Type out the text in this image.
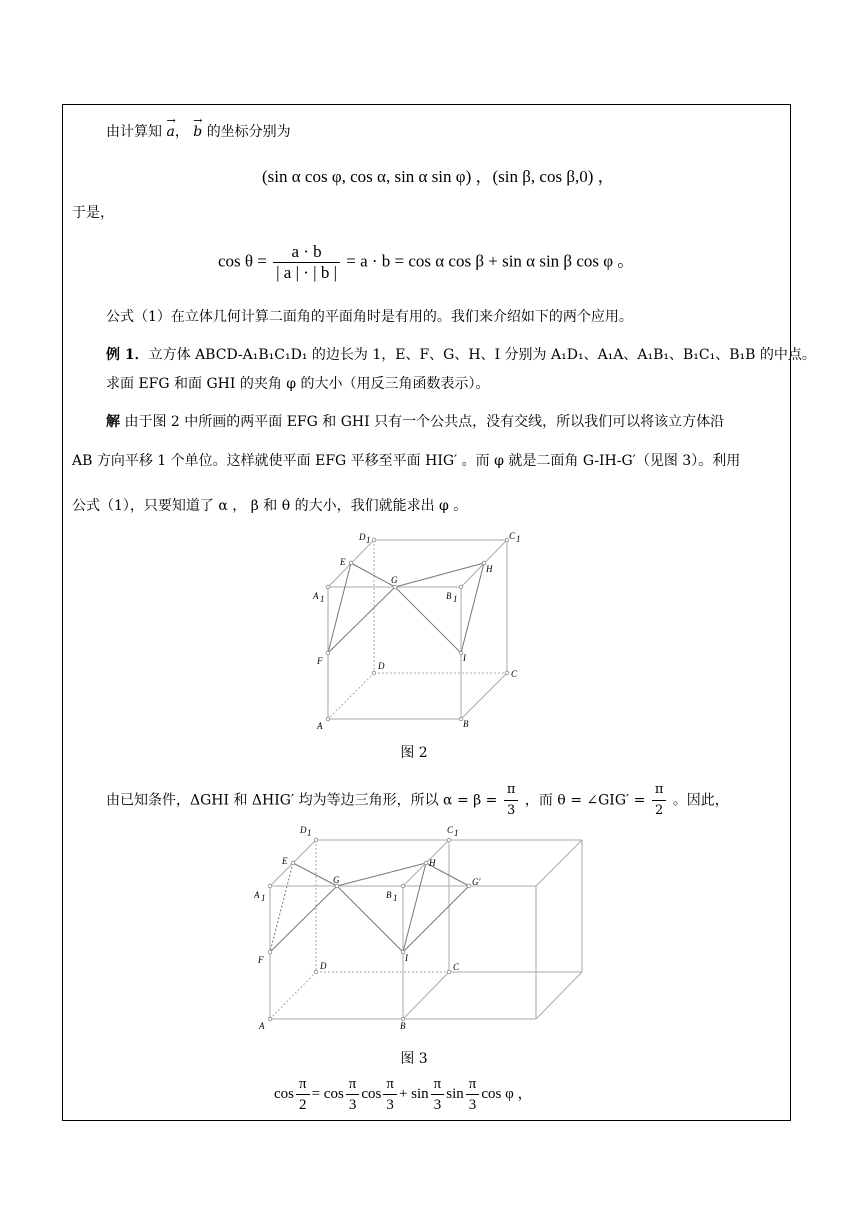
由计算知 → a， → b 的坐标分别为
(sin α cos φ, cos α, sin α sin φ) ，(sin β, cos β,0) ，
于是，
$\cos \theta = \frac{a \cdot b}{| a | \cdot | b |} = a \cdot b = \cos \alpha$ cos β + sin α sin β cos φ 。
公式（1）在立体几何计算二面角的平面角时是有用的。我们来介绍如下的两个应用。
例 1．立方体 ABCD-A₁B₁C₁D₁ 的边长为 1，E、F、G、H、I 分别为 A₁D₁、A₁A、A₁B₁、B₁C₁、B₁B 的中点。
求面 EFG 和面 GHI 的夹角 φ 的大小（用反三角函数表示）。
解 由于图 2 中所画的两平面 EFG 和 GHI 只有一个公共点，没有交线，所以我们可以将该立方体沿
AB 方向平移 1 个单位。这样就使平面 EFG 平移至平面 HIG′ 。而 φ 就是二面角 G-IH-G′（见图 3）。利用
公式（1），只要知道了 α ， β 和 θ 的大小，我们就能求出 φ 。
D 1	C 1
E
H
G
A 1	B 1
F	I
D
C
A	B
图 2
由已知条件，ΔGHI 和 ΔHIG′ 均为等边三角形，所以 $\alpha = \beta = \frac{\pi}{3}$ ，而 θ = ∠GIG′ = $\frac{\pi}{2}$ 。因此，
D 1	C 1
E	H
G	G′
A 1	B 1
F	I
D	C
A	B
图 3
$\cos \frac{\pi}{2} = \cos \frac{\pi}{3}$ $\cos \frac{\pi}{3} + \sin \frac{\pi}{3}$ $\sin \frac{\pi}{3}$ cos φ ，
